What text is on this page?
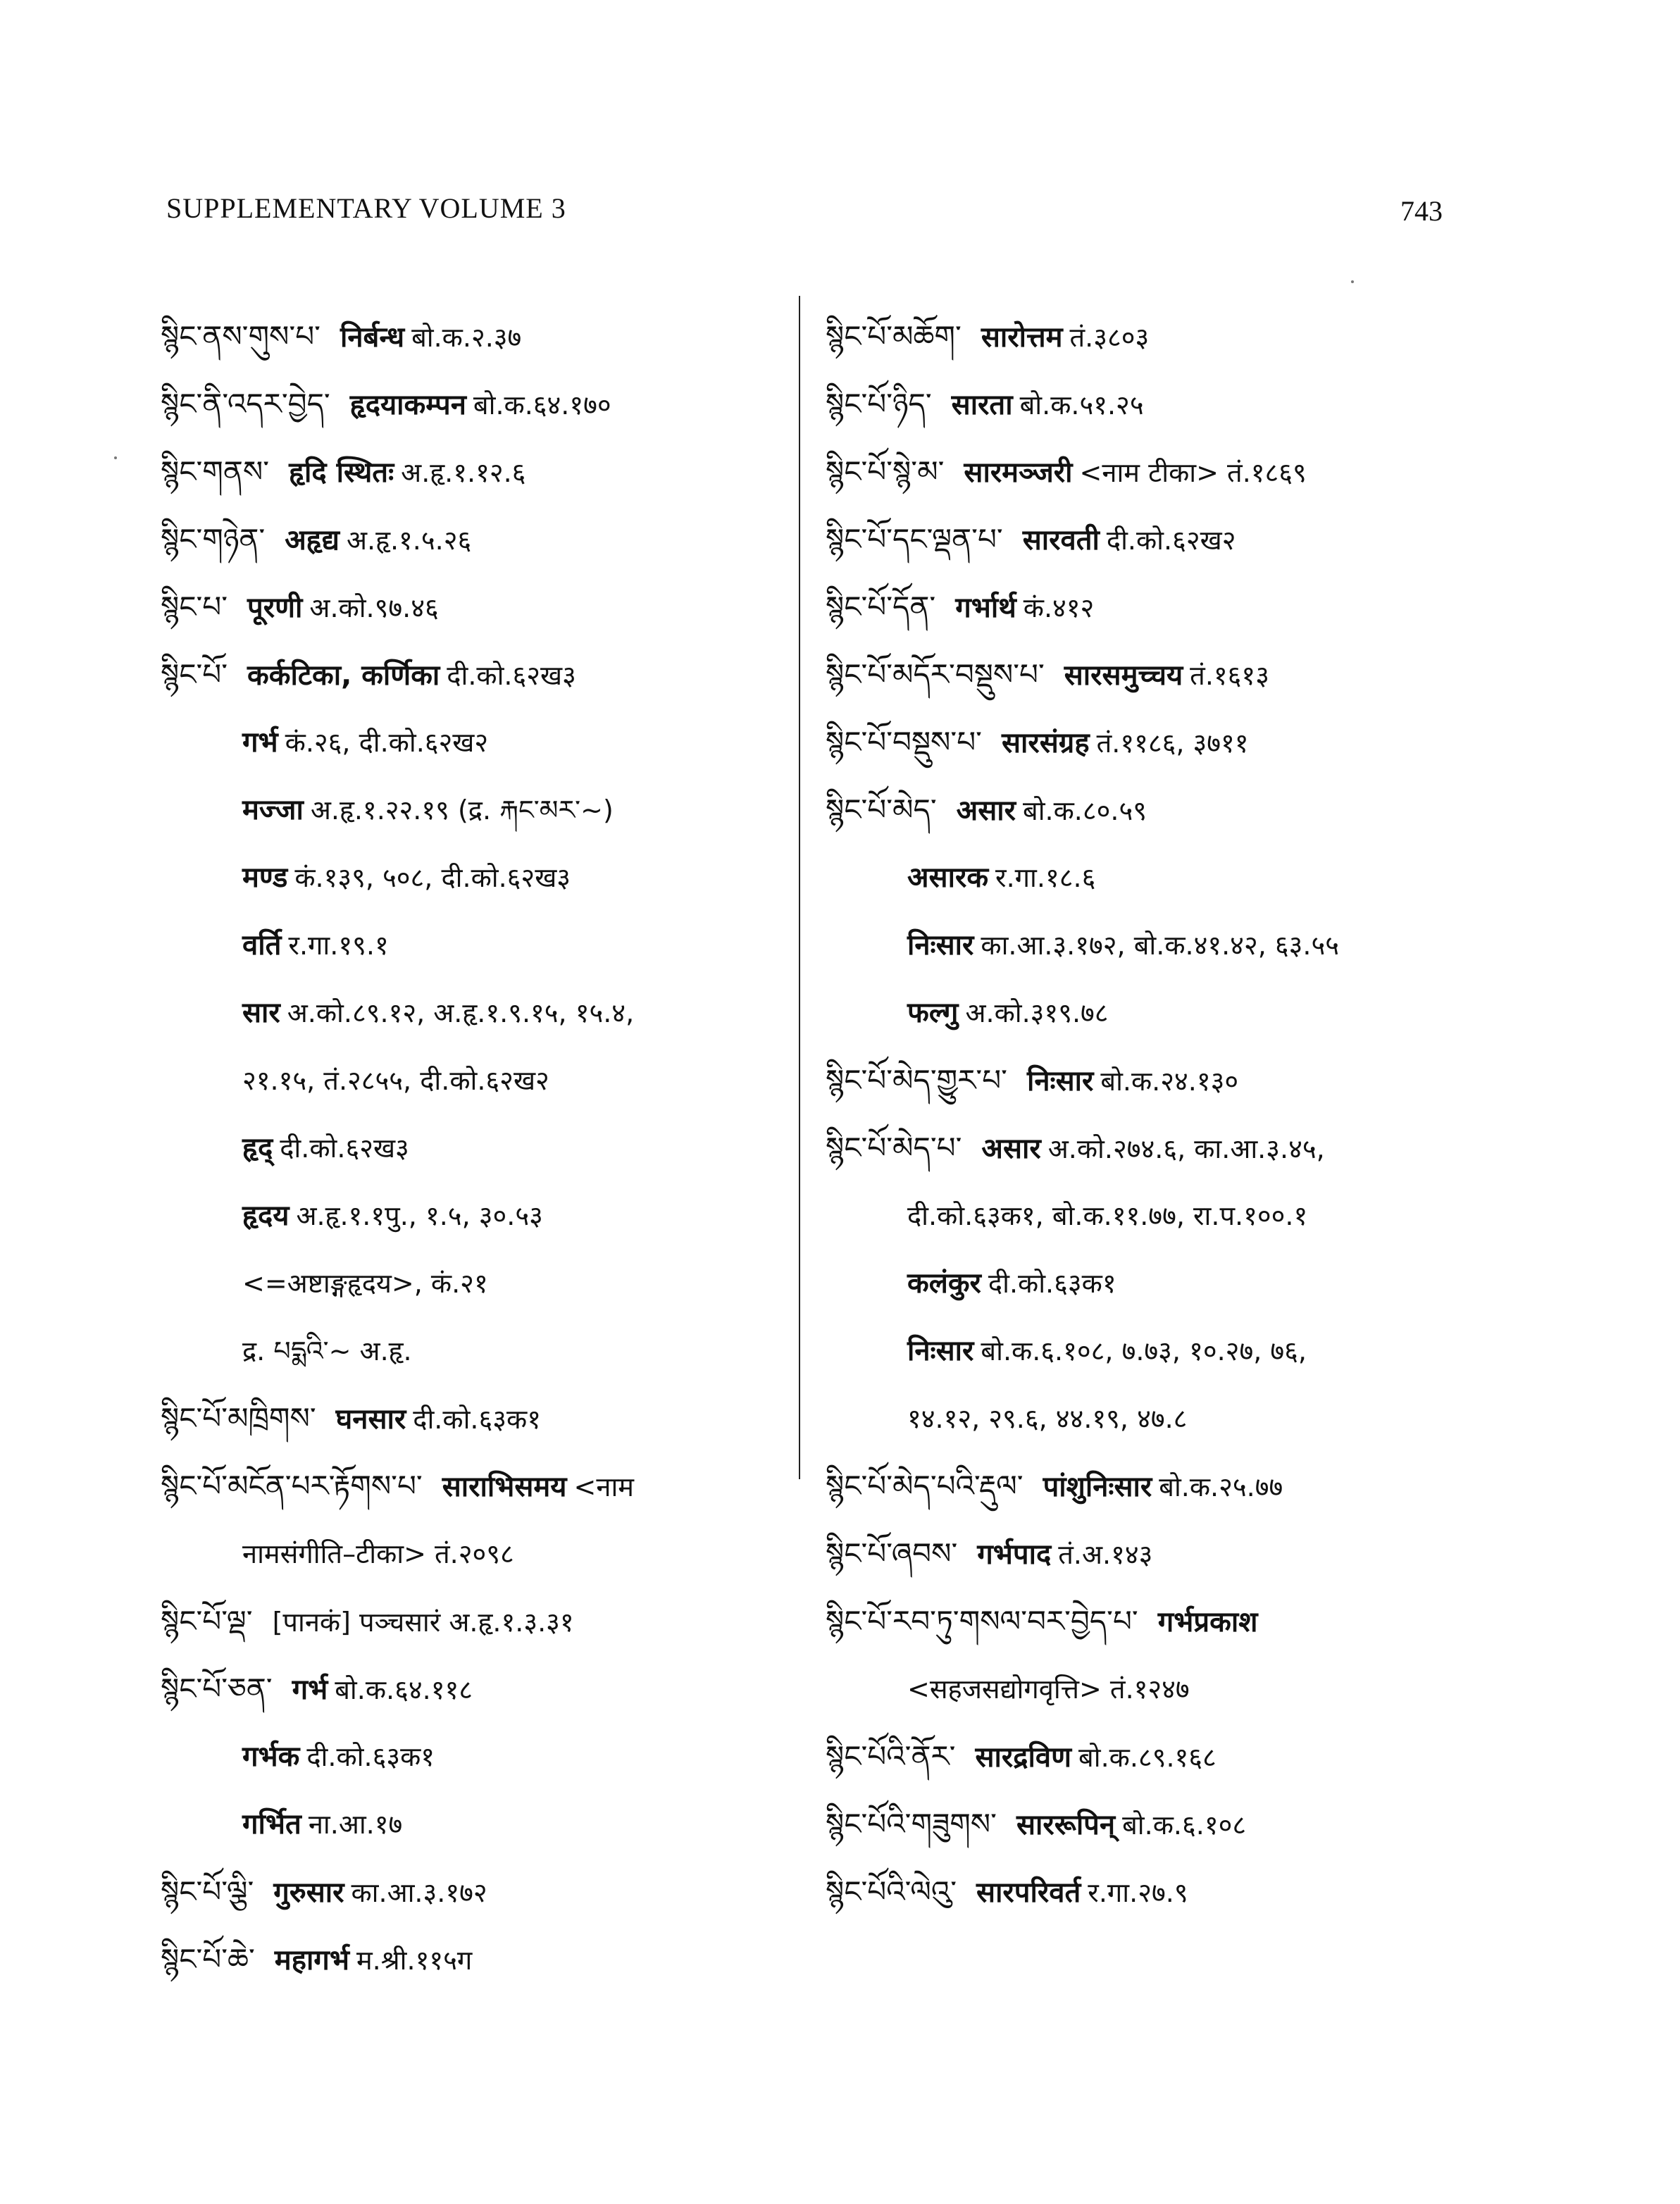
SUPPLEMENTARY VOLUME 3	743
སྙིང་ནས་གུས་པ་ निर्बन्ध बो.क.२.३७
སྙིང་ནི་འདར་བྱེད་ हृदयाकम्पन बो.क.६४.१७०
སྙིང་གནས་ हृदि स्थितः अ.हृ.१.१२.६
སྙིང་གཉེན་ अहृद्य अ.हृ.१.५.२६
སྙིང་པ་ पूरणी अ.को.९७.४६
སྙིང་པོ་ कर्कटिका, कर्णिका दी.को.६२ख३
गर्भ कं.२६, दी.को.६२ख२
मज्जा अ.हृ.१.२२.१९ (द्र. རྐང་མར་~)
मण्ड कं.१३९, ५०८, दी.को.६२ख३
वर्ति र.गा.१९.१
सार अ.को.८९.१२, अ.हृ.१.९.१५, १५.४,
२१.१५, तं.२८५५, दी.को.६२ख२
हृद् दी.को.६२ख३
हृदय अ.हृ.१.१पु., १.५, ३०.५३
<=अष्टाङ्गहृदय>, कं.२१
द्र. པདྨའི་~ अ.हृ.
སྙིང་པོ་མཁྲིགས་ घनसार दी.को.६३क१
སྙིང་པོ་མངོན་པར་རྟོགས་པ་ साराभिसमय <नाम
नामसंगीति–टीका> तं.२०९८
སྙིང་པོ་ལྡ་ [पानकं] पञ्चसारं अ.हृ.१.३.३१
སྙིང་པོ་ཅན་ गर्भ बो.क.६४.११८
गर्भक दी.को.६३क१
गर्भित ना.आ.१७
སྙིང་པོ་ལྕི་ गुरुसार का.आ.३.१७२
སྙིང་པོ་ཆེ་ महागर्भ म.श्री.११५ग
སྙིང་པོ་མཆོག་ सारोत्तम तं.३८०३
སྙིང་པོ་ཉིད་ सारता बो.क.५१.२५
སྙིང་པོ་སྙེ་མ་ सारमञ्जरी <नाम टीका> तं.१८६९
སྙིང་པོ་དང་ལྡན་པ་ सारवती दी.को.६२ख२
སྙིང་པོ་དོན་ गर्भार्थ कं.४१२
སྙིང་པོ་མདོར་བསྡུས་པ་ सारसमुच्चय तं.१६१३
སྙིང་པོ་བསྡུས་པ་ सारसंग्रह तं.११८६, ३७११
སྙིང་པོ་མེད་ असार बो.क.८०.५९
असारक र.गा.१८.६
निःसार का.आ.३.१७२, बो.क.४१.४२, ६३.५५
फल्गु अ.को.३१९.७८
སྙིང་པོ་མེད་གྱུར་པ་ निःसार बो.क.२४.१३०
སྙིང་པོ་མེད་པ་ असार अ.को.२७४.६, का.आ.३.४५,
दी.को.६३क१, बो.क.११.७७, रा.प.१००.१
कलंकुर दी.को.६३क१
निःसार बो.क.६.१०८, ७.७३, १०.२७, ७६,
१४.१२, २९.६, ४४.१९, ४७.८
སྙིང་པོ་མེད་པའི་རྡུལ་ पांशुनिःसार बो.क.२५.७७
སྙིང་པོ་ཞབས་ गर्भपाद तं.अ.१४३
སྙིང་པོ་རབ་ཏུ་གསལ་བར་བྱེད་པ་ गर्भप्रकाश
<सहजसद्योगवृत्ति> तं.१२४७
སྙིང་པོའི་ནོར་ सारद्रविण बो.क.८९.१६८
སྙིང་པོའི་གཟུགས་ साररूपिन् बो.क.६.१०८
སྙིང་པོའི་ལེའུ་ सारपरिवर्त र.गा.२७.९
